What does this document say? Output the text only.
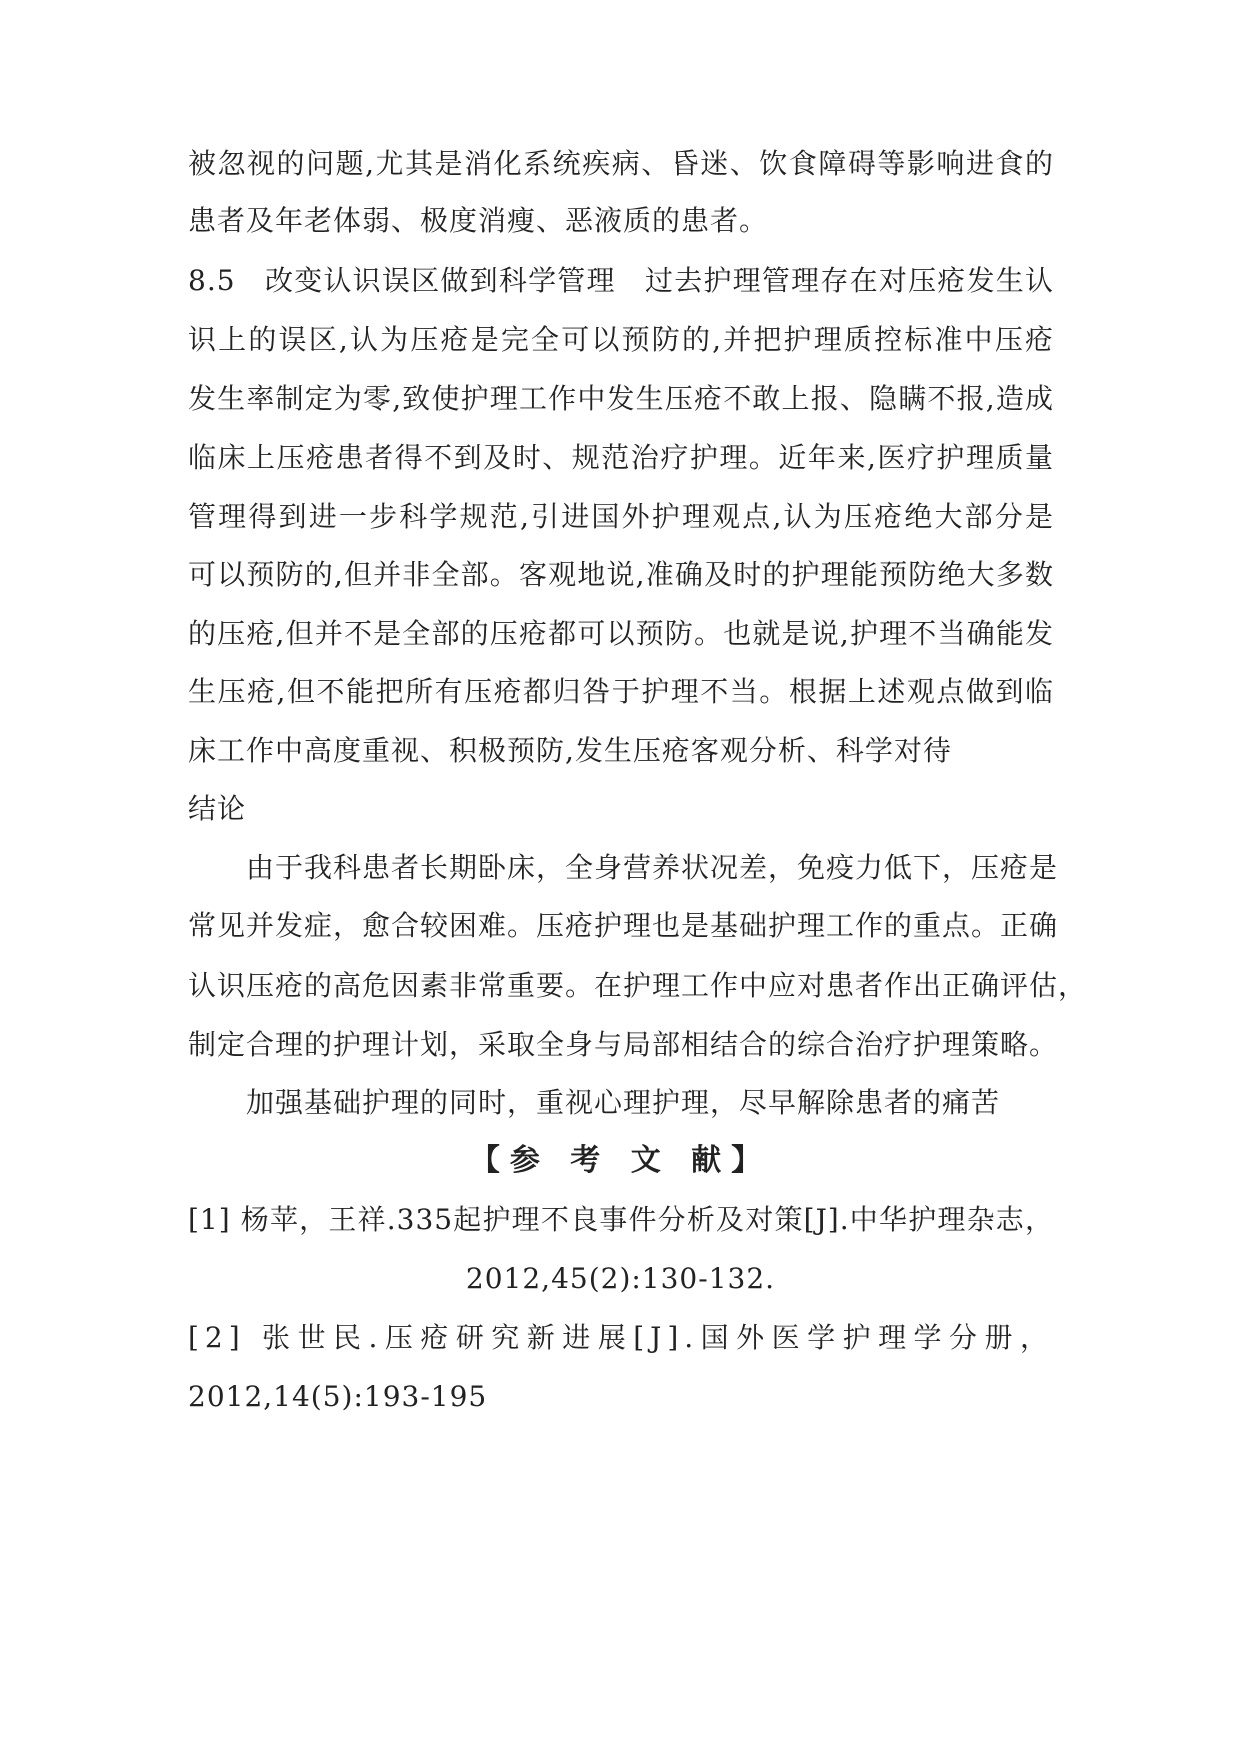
被忽视的问题,尤其是消化系统疾病、昏迷、饮食障碍等影响进食的
患者及年老体弱、极度消瘦、恶液质的患者。
8.5　改变认识误区做到科学管理　过去护理管理存在对压疮发生认
识上的误区,认为压疮是完全可以预防的,并把护理质控标准中压疮
发生率制定为零,致使护理工作中发生压疮不敢上报、隐瞒不报,造成
临床上压疮患者得不到及时、规范治疗护理。近年来,医疗护理质量
管理得到进一步科学规范,引进国外护理观点,认为压疮绝大部分是
可以预防的,但并非全部。客观地说,准确及时的护理能预防绝大多数
的压疮,但并不是全部的压疮都可以预防。也就是说,护理不当确能发
生压疮,但不能把所有压疮都归咎于护理不当。根据上述观点做到临
床工作中高度重视、积极预防,发生压疮客观分析、科学对待
结论
由于我科患者长期卧床，全身营养状况差，免疫力低下，压疮是
常见并发症，愈合较困难。压疮护理也是基础护理工作的重点。正确
认识压疮的高危因素非常重要。在护理工作中应对患者作出正确评估，
制定合理的护理计划，采取全身与局部相结合的综合治疗护理策略。
加强基础护理的同时，重视心理护理，尽早解除患者的痛苦
【参 考 文 献】
[1] 杨苹，王祥.335起护理不良事件分析及对策[J].中华护理杂志，
2012,45(2):130-132.
[2] 张世民.压疮研究新进展[J].国外医学护理学分册，
2012,14(5):193-195
